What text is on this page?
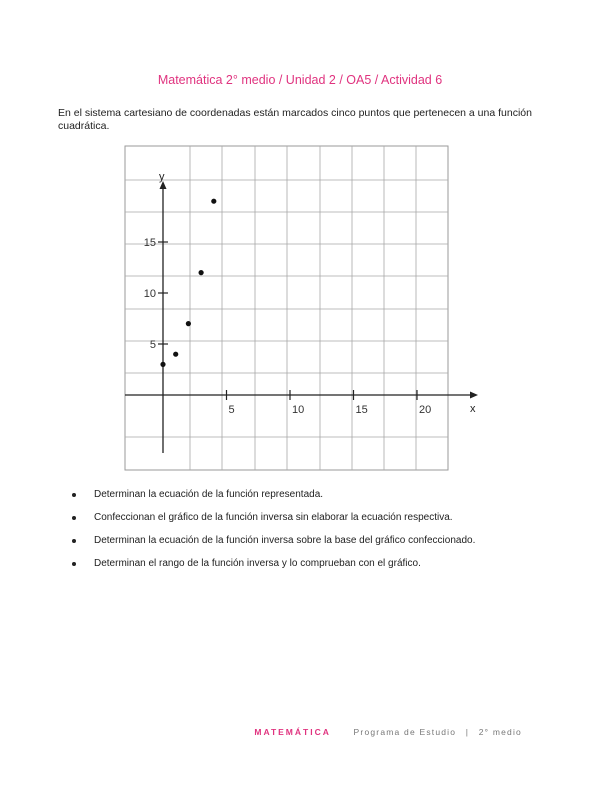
Matemática 2° medio / Unidad 2 / OA5 / Actividad 6
En el sistema cartesiano de coordenadas están marcados cinco puntos que pertenecen a una función cuadrática.
x
y
5	10	15	20
5
10
15
Determinan la ecuación de la función representada.
Confeccionan el gráfico de la función inversa sin elaborar la ecuación respectiva.
Determinan la ecuación de la función inversa sobre la base del gráfico confeccionado.
Determinan el rango de la función inversa y lo comprueban con el gráfico.
MATEMÁTICA	Programa de Estudio | 2° medio
